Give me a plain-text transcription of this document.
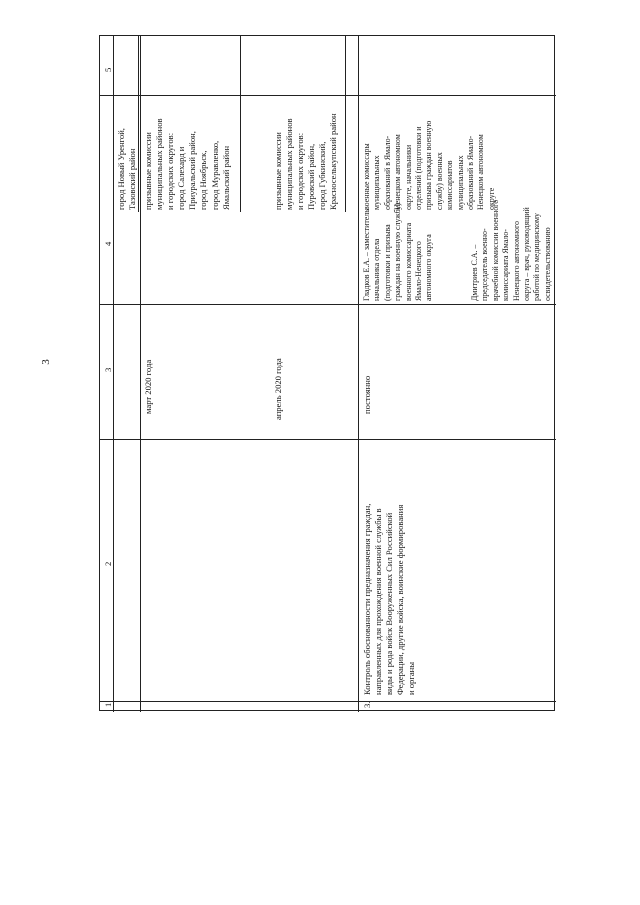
3
5
4
3
2
1
город Новый Уренгой,
Тазовский район
призывные комиссии
муниципальных районов
и городских округов:
город Салехард и
Приуральский район,
город Ноябрьск,
город Муравленко,
Ямальский район
призывные комиссии
муниципальных районов
и городских округов:
Пуровский район,
город Губкинский,
Красноселькупский район
март 2020 года	апрель 2020 года
3.
Контроль обоснованности предназначения граждан,
направленных для прохождения военной службы в
виды и рода войск Вооруженных Сил Российской
Федерации, другие войска, воинские формирования
и органы
постоянно
Гладков Е.А. – заместитель
начальника отдела
(подготовки и призыва
граждан на военную службу)
военного комиссариата
Ямало-Ненецкого
автономного округа
Дмитриев С.А. –
председатель военно-
врачебной комиссии военного
комиссариата Ямало-
Ненецкого автономного
округа – врач, руководящий
работой по медицинскому
освидетельствованию
военные комиссары
муниципальных
образований в Ямало-
Ненецком автономном
округе, начальники
отделений (подготовки и
призыва граждан военную
службу) военных
комиссариатов
муниципальных
образований в Ямало-
Ненецком автономном
округе
